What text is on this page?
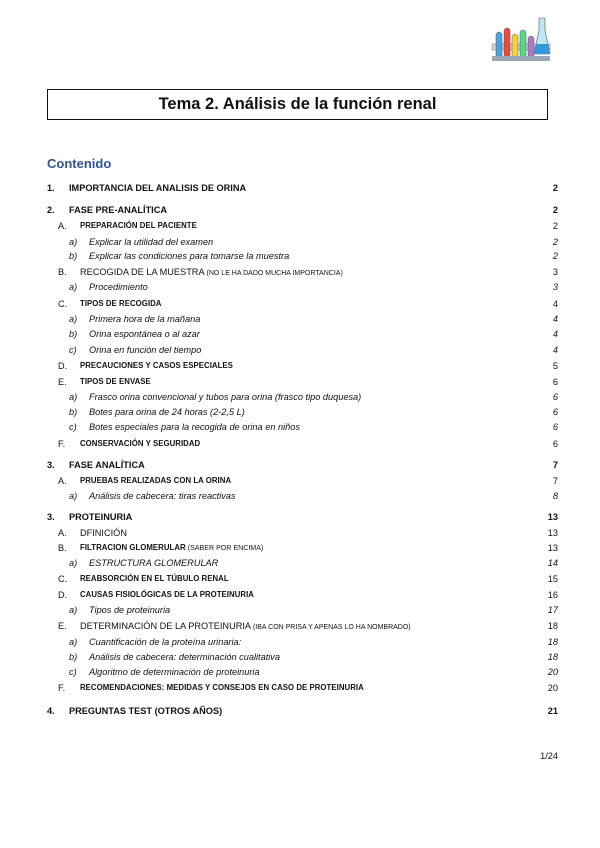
Tema 2. Análisis de la función renal
Contenido
1. IMPORTANCIA DEL ANALISIS DE ORINA	2
2. FASE PRE-ANALÍTICA	2
A. PREPARACIÓN DEL PACIENTE	2
a) Explicar la utilidad del examen	2
b) Explicar las condiciones para tomarse la muestra	2
B. RECOGIDA DE LA MUESTRA (NO LE HA DADO MUCHA IMPORTANCIA)	3
a) Procedimiento	3
C. TIPOS DE RECOGIDA	4
a) Primera hora de la mañana	4
b) Orina espontánea o al azar	4
c) Orina en función del tiempo	4
D. PRECAUCIONES Y CASOS ESPECIALES	5
E. TIPOS DE ENVASE	6
a) Frasco orina convencional y tubos para orina (frasco tipo duquesa)	6
b) Botes para orina de 24 horas (2-2,5 L)	6
c) Botes especiales para la recogida de orina en niños	6
F. CONSERVACIÓN Y SEGURIDAD	6
3. FASE ANALÍTICA	7
A. PRUEBAS REALIZADAS CON LA ORINA	7
a) Análisis de cabecera: tiras reactivas	8
3. PROTEINURIA	13
A. DFINICIÓN	13
B. FILTRACION GLOMERULAR (SABER POR ENCIMA)	13
a) ESTRUCTURA GLOMERULAR	14
C. REABSORCIÓN EN EL TÚBULO RENAL	15
D. CAUSAS FISIOLÓGICAS DE LA PROTEINURIA	16
a) Tipos de proteinuria	17
E. DETERMINACIÓN DE LA PROTEINURIA (IBA CON PRISA Y APENAS LO HA NOMBRADO)	18
a) Cuantificación de la proteína urinaria:	18
b) Análisis de cabecera: determinación cualitativa	18
c) Algoritmo de determinación de proteinuria	20
F. RECOMENDACIONES: MEDIDAS Y CONSEJOS EN CASO DE PROTEINURIA	20
4. PREGUNTAS TEST (OTROS AÑOS)	21
1/24
